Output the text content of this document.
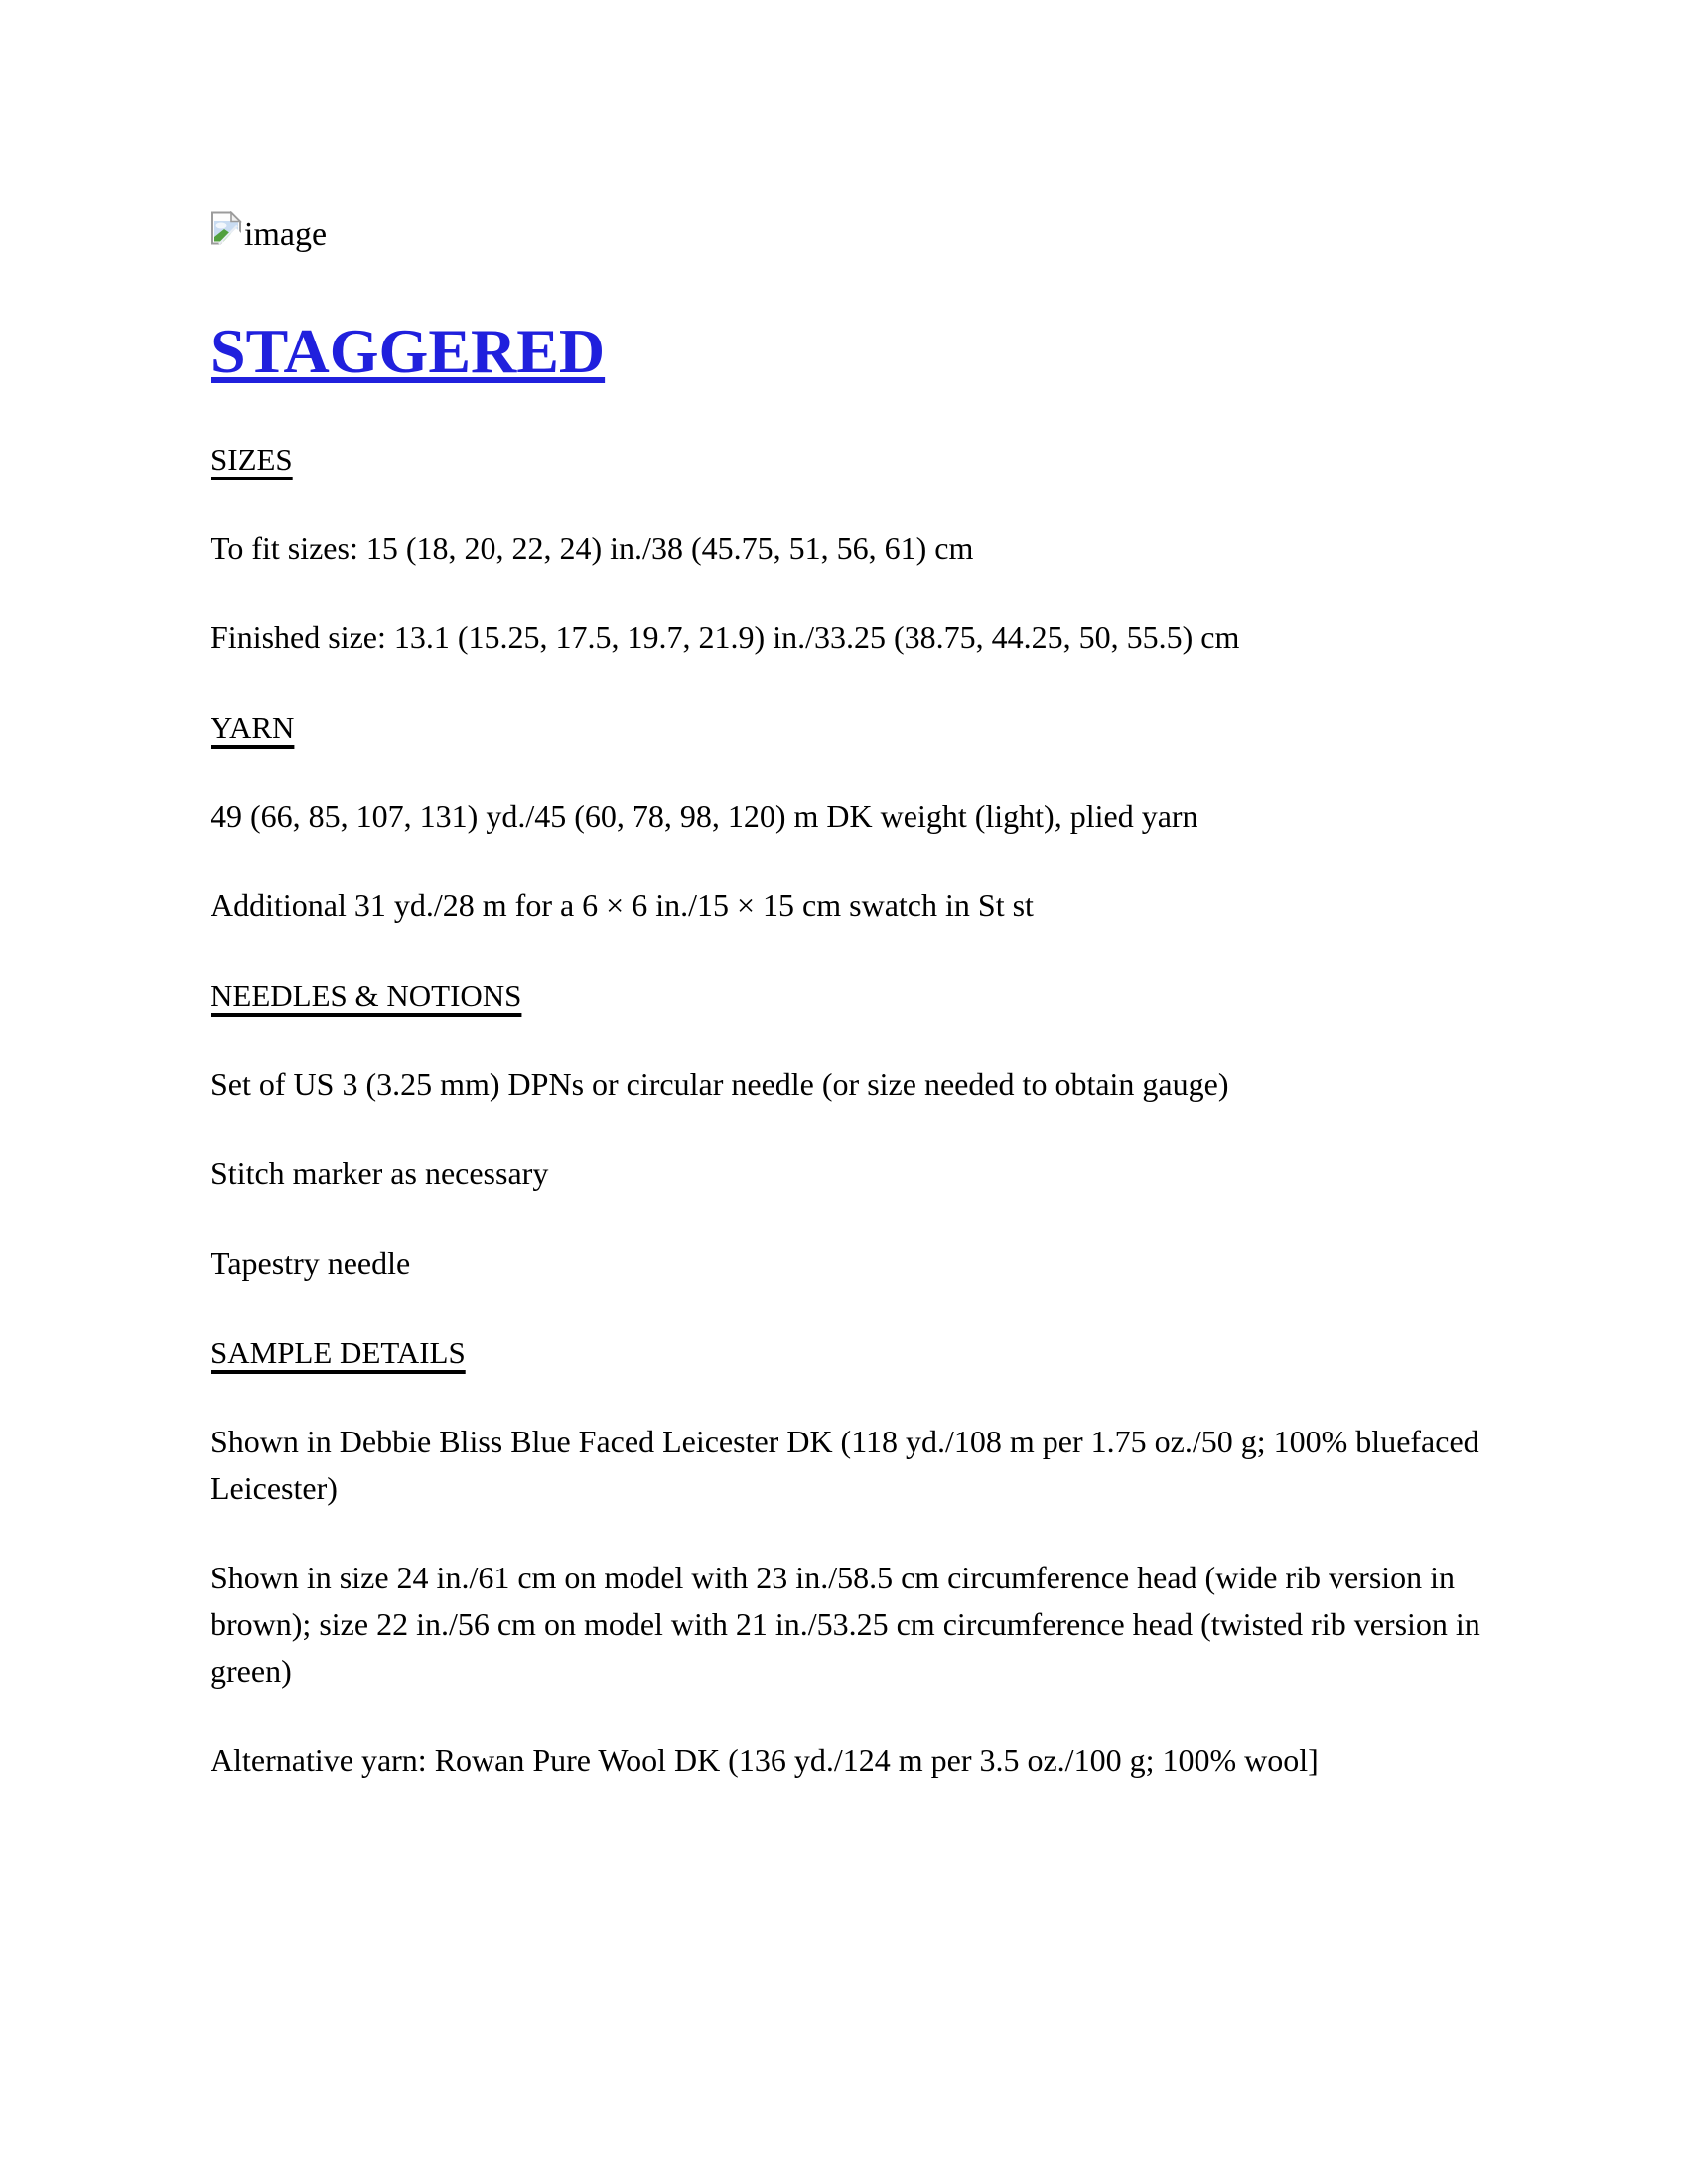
image

STAGGERED
SIZES

To fit sizes: 15 (18, 20, 22, 24) in./38 (45.75, 51, 56, 61) cm

Finished size: 13.1 (15.25, 17.5, 19.7, 21.9) in./33.25 (38.75, 44.25, 50, 55.5) cm

YARN

49 (66, 85, 107, 131) yd./45 (60, 78, 98, 120) m DK weight (light), plied yarn

Additional 31 yd./28 m for a 6 × 6 in./15 × 15 cm swatch in St st

NEEDLES & NOTIONS

Set of US 3 (3.25 mm) DPNs or circular needle (or size needed to obtain gauge)

Stitch marker as necessary

Tapestry needle

SAMPLE DETAILS

Shown in Debbie Bliss Blue Faced Leicester DK (118 yd./108 m per 1.75 oz./50 g; 100% bluefaced Leicester)

Shown in size 24 in./61 cm on model with 23 in./58.5 cm circumference head (wide rib version in brown); size 22 in./56 cm on model with 21 in./53.25 cm circumference head (twisted rib version in green)

Alternative yarn: Rowan Pure Wool DK (136 yd./124 m per 3.5 oz./100 g; 100% wool]
